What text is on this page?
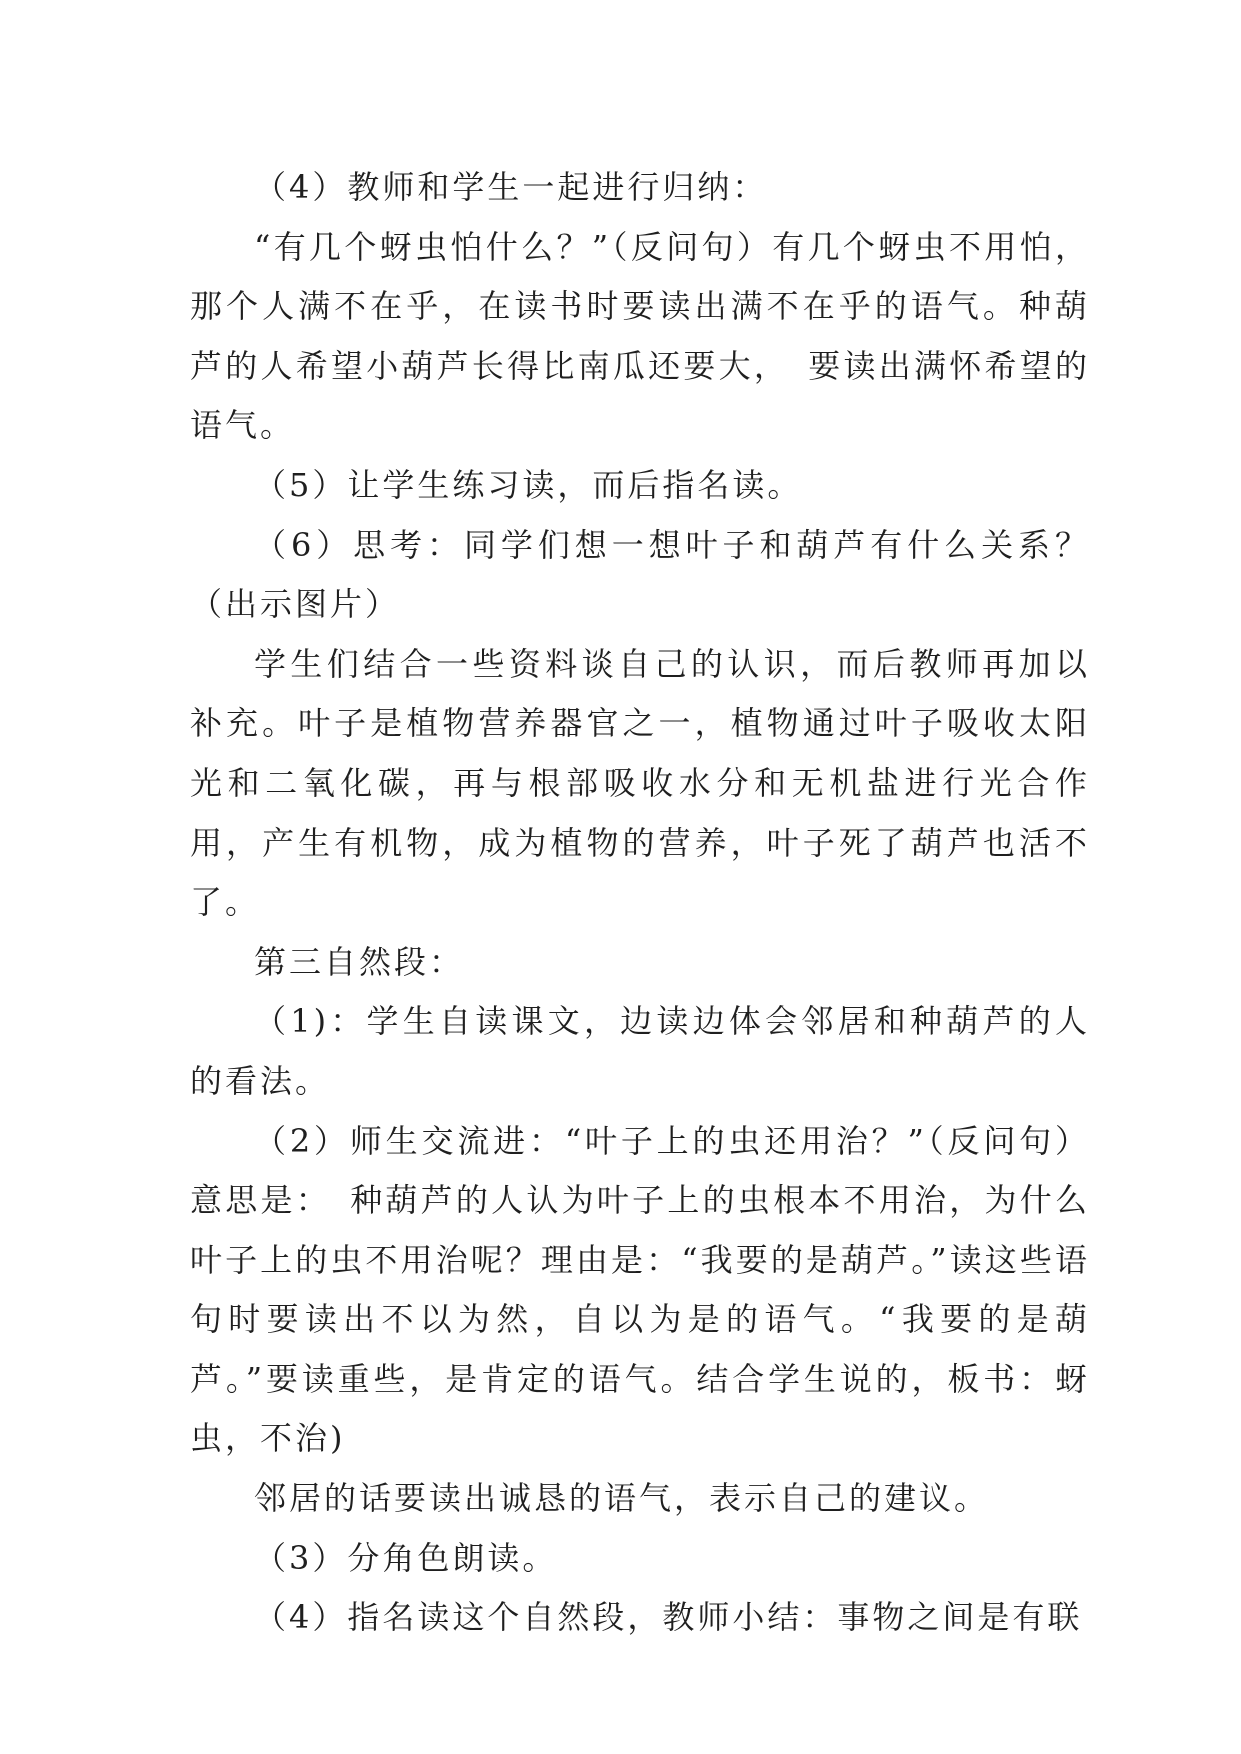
（4）教师和学生一起进行归纳：

“有几个蚜虫怕什么？”（反问句）有几个蚜虫不用怕，那个人满不在乎，在读书时要读出满不在乎的语气。种葫芦的人希望小葫芦长得比南瓜还要大，　要读出满怀希望的语气。

（5）让学生练习读，而后指名读。

（6）思考：同学们想一想叶子和葫芦有什么关系？（出示图片）

学生们结合一些资料谈自己的认识，而后教师再加以补充。叶子是植物营养器官之一，植物通过叶子吸收太阳光和二氧化碳，再与根部吸收水分和无机盐进行光合作用，产生有机物，成为植物的营养，叶子死了葫芦也活不了。

第三自然段：

（1)：学生自读课文，边读边体会邻居和种葫芦的人的看法。

（2）师生交流进：“叶子上的虫还用治？”（反问句）意思是：　种葫芦的人认为叶子上的虫根本不用治，为什么叶子上的虫不用治呢？理由是：“我要的是葫芦。”读这些语句时要读出不以为然，自以为是的语气。“我要的是葫芦。”要读重些，是肯定的语气。结合学生说的，板书：蚜虫，不治)

邻居的话要读出诚恳的语气，表示自己的建议。

（3）分角色朗读。

（4）指名读这个自然段，教师小结：事物之间是有联
